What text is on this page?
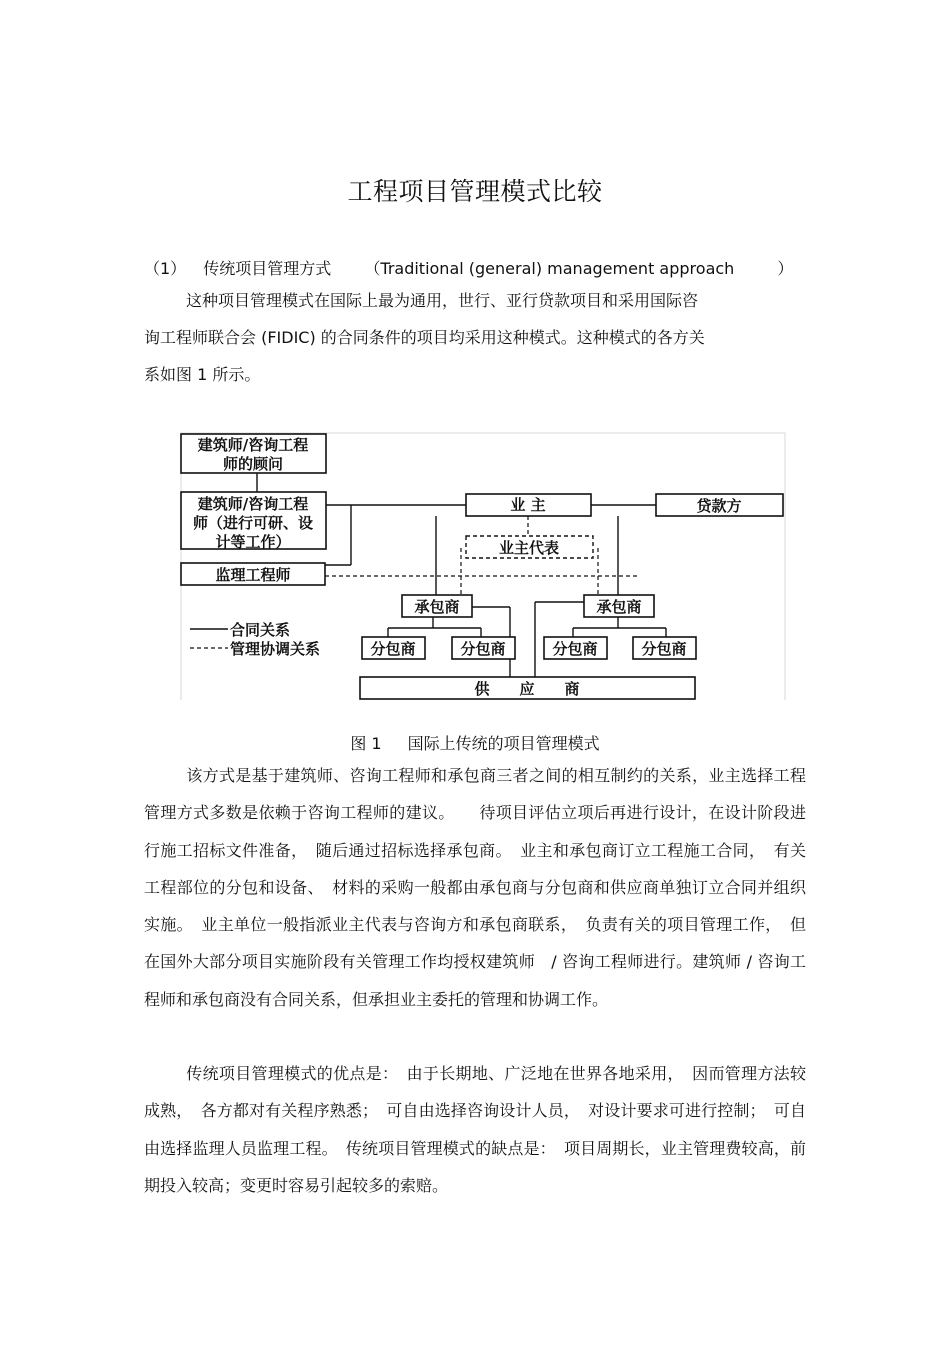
工程项目管理模式比较
（1） 传统项目管理方式 （Traditional (general) management approach	）
这种项目管理模式在国际上最为通用，世行、亚行贷款项目和采用国际咨
询工程师联合会 (FIDIC) 的合同条件的项目均采用这种模式。这种模式的各方关
系如图 1 所示。
建筑师/咨询工程
师的顾问
建筑师/咨询工程
师（进行可研、设
计等工作）
监理工程师
业 主	贷款方
业主代表
承包商	承包商
分包商	分包商	分包商	分包商
供　　应　　商
合同关系
管理协调关系
图 1 国际上传统的项目管理模式
该方式是基于建筑师、咨询工程师和承包商三者之间的相互制约的关系，业主选择工程管理方式多数是依赖于咨询工程师的建议。　　待项目评估立项后再进行设计，在设计阶段进行施工招标文件准备，　随后通过招标选择承包商。　业主和承包商订立工程施工合同，　有关工程部位的分包和设备、　材料的采购一般都由承包商与分包商和供应商单独订立合同并组织实施。　业主单位一般指派业主代表与咨询方和承包商联系，　负责有关的项目管理工作，　但在国外大部分项目实施阶段有关管理工作均授权建筑师　/ 咨询工程师进行。建筑师 / 咨询工程师和承包商没有合同关系，但承担业主委托的管理和协调工作。
传统项目管理模式的优点是：　由于长期地、广泛地在世界各地采用，　因而管理方法较成熟，　各方都对有关程序熟悉；　可自由选择咨询设计人员，　对设计要求可进行控制；　可自由选择监理人员监理工程。　传统项目管理模式的缺点是：　项目周期长，业主管理费较高，前期投入较高；变更时容易引起较多的索赔。
